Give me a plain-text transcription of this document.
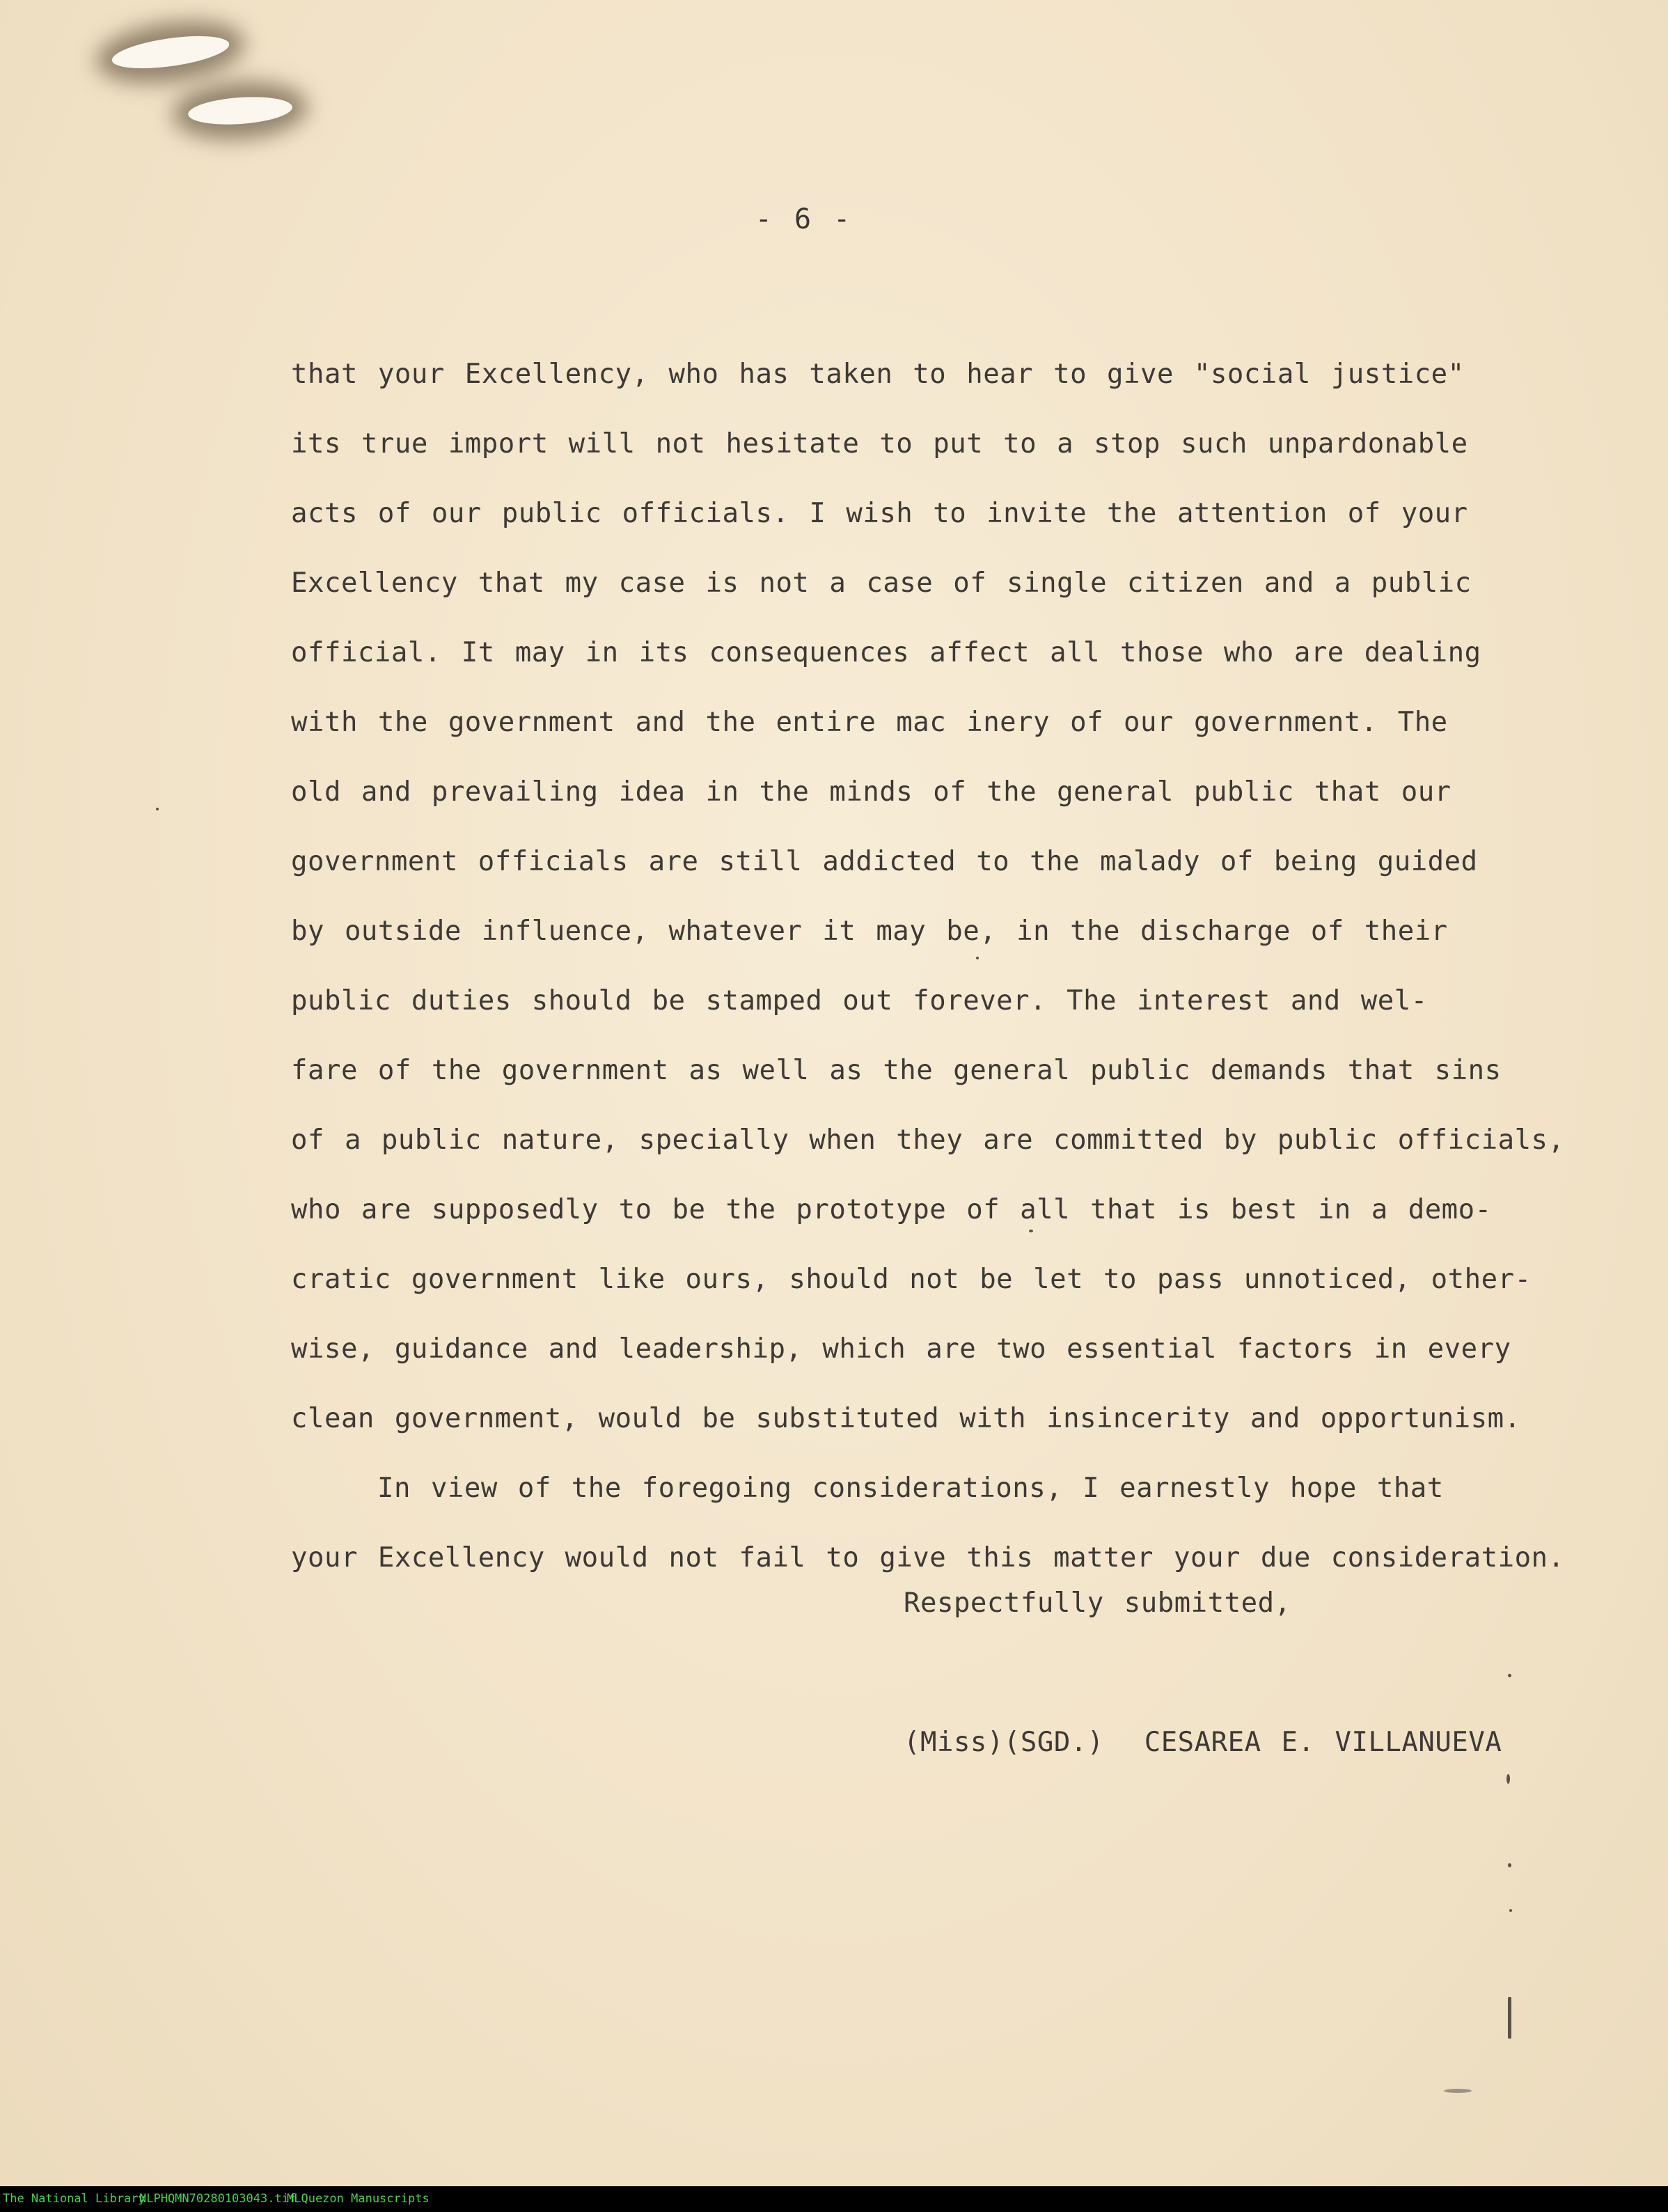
- 6 -
that your Excellency, who has taken to hear to give "social justice"
its true import will not hesitate to put to a stop such unpardonable
acts of our public officials. I wish to invite the attention of your
Excellency that my case is not a case of single citizen and a public
official. It may in its consequences affect all those who are dealing
with the government and the entire mac inery of our government. The
old and prevailing idea in the minds of the general public that our
government officials are still addicted to the malady of being guided
by outside influence, whatever it may be, in the discharge of their
public duties should be stamped out forever. The interest and wel-
fare of the government as well as the general public demands that sins
of a public nature, specially when they are committed by public officials,
who are supposedly to be the prototype of all that is best in a demo-
cratic government like ours, should not be let to pass unnoticed, other-
wise, guidance and leadership, which are two essential factors in every
clean government, would be substituted with insincerity and opportunism.
In view of the foregoing considerations, I earnestly hope that
your Excellency would not fail to give this matter your due consideration.
Respectfully submitted,
(Miss)(SGD.)  CESAREA E. VILLANUEVA
The National Library
NLPHQMN70280103043.tif
MLQuezon Manuscripts
